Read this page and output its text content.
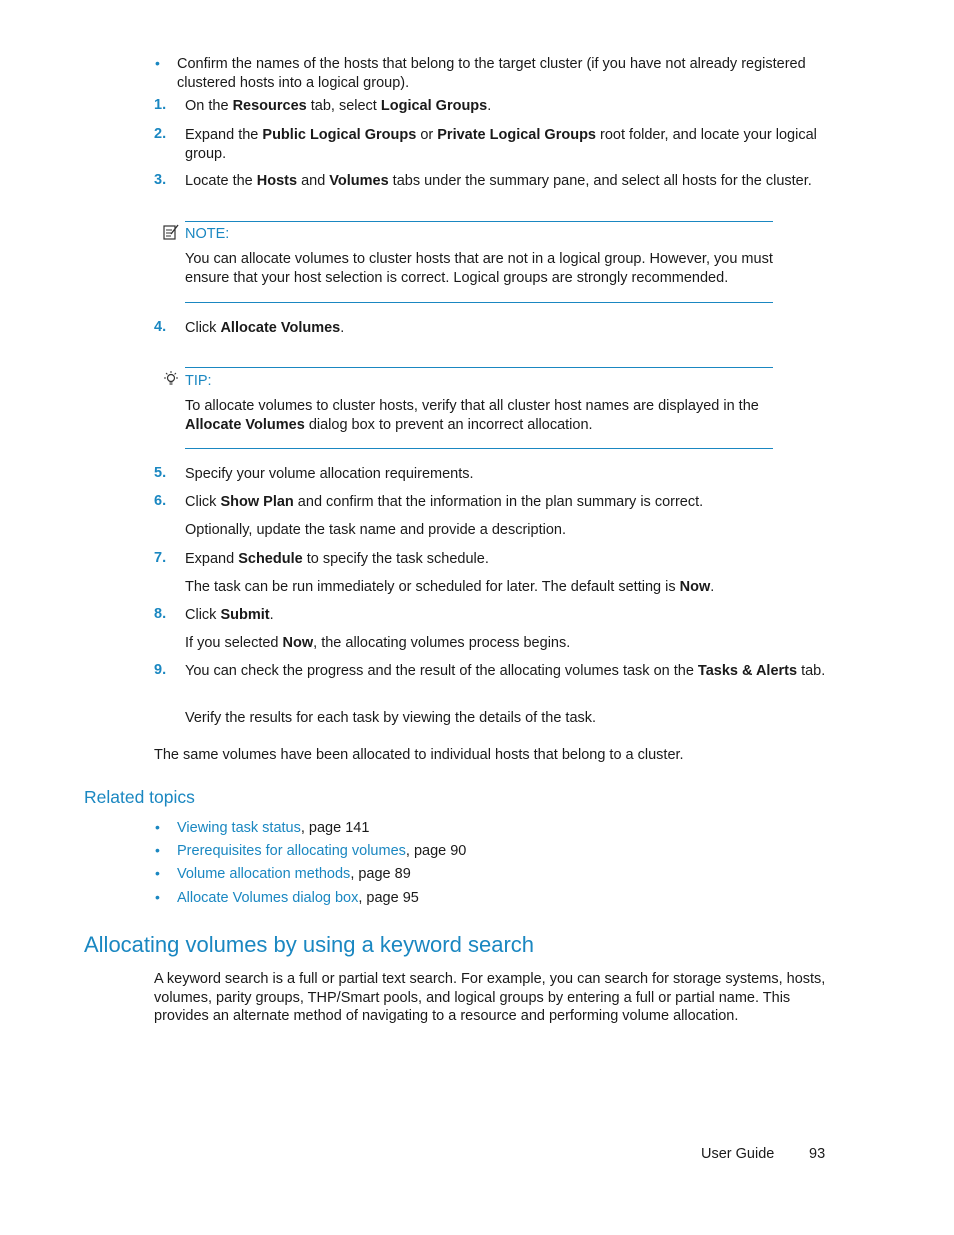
• Confirm the names of the hosts that belong to the target cluster (if you have not already registered clustered hosts into a logical group).
1. On the Resources tab, select Logical Groups.
2. Expand the Public Logical Groups or Private Logical Groups root folder, and locate your logical group.
3. Locate the Hosts and Volumes tabs under the summary pane, and select all hosts for the cluster.
NOTE:
You can allocate volumes to cluster hosts that are not in a logical group. However, you must ensure that your host selection is correct. Logical groups are strongly recommended.
4. Click Allocate Volumes.
TIP:
To allocate volumes to cluster hosts, verify that all cluster host names are displayed in the Allocate Volumes dialog box to prevent an incorrect allocation.
5. Specify your volume allocation requirements.
6. Click Show Plan and confirm that the information in the plan summary is correct.
Optionally, update the task name and provide a description.
7. Expand Schedule to specify the task schedule.
The task can be run immediately or scheduled for later. The default setting is Now.
8. Click Submit.
If you selected Now, the allocating volumes process begins.
9. You can check the progress and the result of the allocating volumes task on the Tasks & Alerts tab.
Verify the results for each task by viewing the details of the task.
The same volumes have been allocated to individual hosts that belong to a cluster.
Related topics
• Viewing task status, page 141
• Prerequisites for allocating volumes, page 90
• Volume allocation methods, page 89
• Allocate Volumes dialog box, page 95
Allocating volumes by using a keyword search
A keyword search is a full or partial text search. For example, you can search for storage systems, hosts, volumes, parity groups, THP/Smart pools, and logical groups by entering a full or partial name. This provides an alternate method of navigating to a resource and performing volume allocation.
User Guide 93
